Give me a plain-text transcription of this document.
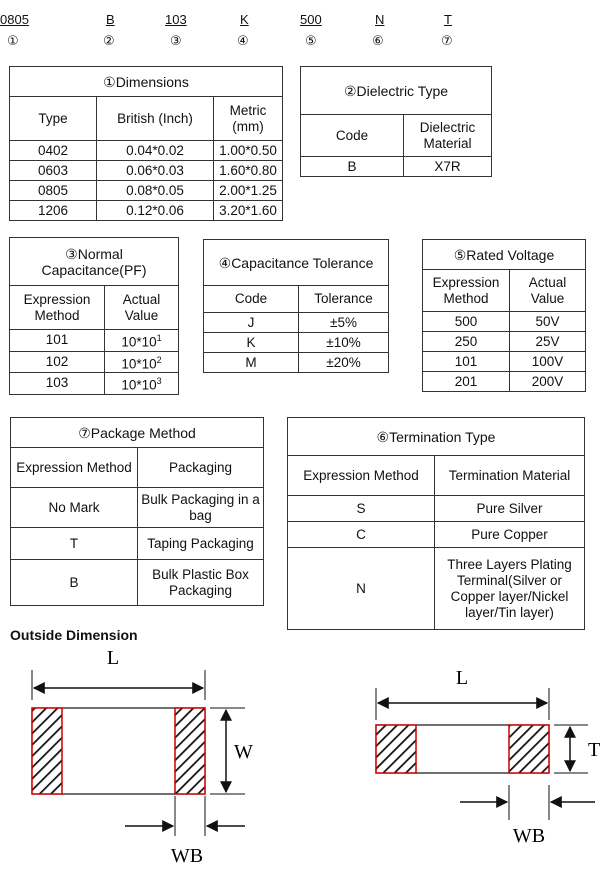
0805
①
B
②
103
③
K
④
500
⑤
N
⑥
T
⑦
①Dimensions		
Type	British (Inch)	Metric (mm)
0402	0.04*0.02	1.00*0.50
0603	0.06*0.03	1.60*0.80
0805	0.08*0.05	2.00*1.25
1206	0.12*0.06	3.20*1.60
②Dielectric Type	
Code	Dielectric Material
B	X7R
③Normal Capacitance(PF)	
Expression Method	Actual Value
101	$10*10^1$
102	$10*10^2$
103	$10*10^3$
④Capacitance Tolerance	
Code	Tolerance
J	±5%
K	±10%
M	±20%
⑤Rated Voltage	
Expression Method	Actual Value
500	50V
250	25V
101	100V
201	200V
⑦Package Method	
Expression Method	Packaging
No Mark	Bulk Packaging in a bag
T	Taping Packaging
B	Bulk Plastic Box Packaging
⑥Termination Type	
Expression Method	Termination Material
S	Pure Silver
C	Pure Copper
N	Three Layers Plating Terminal(Silver or Copper layer/Nickel layer/Tin layer)
Outside Dimension
L
W
WB
L
T
WB
